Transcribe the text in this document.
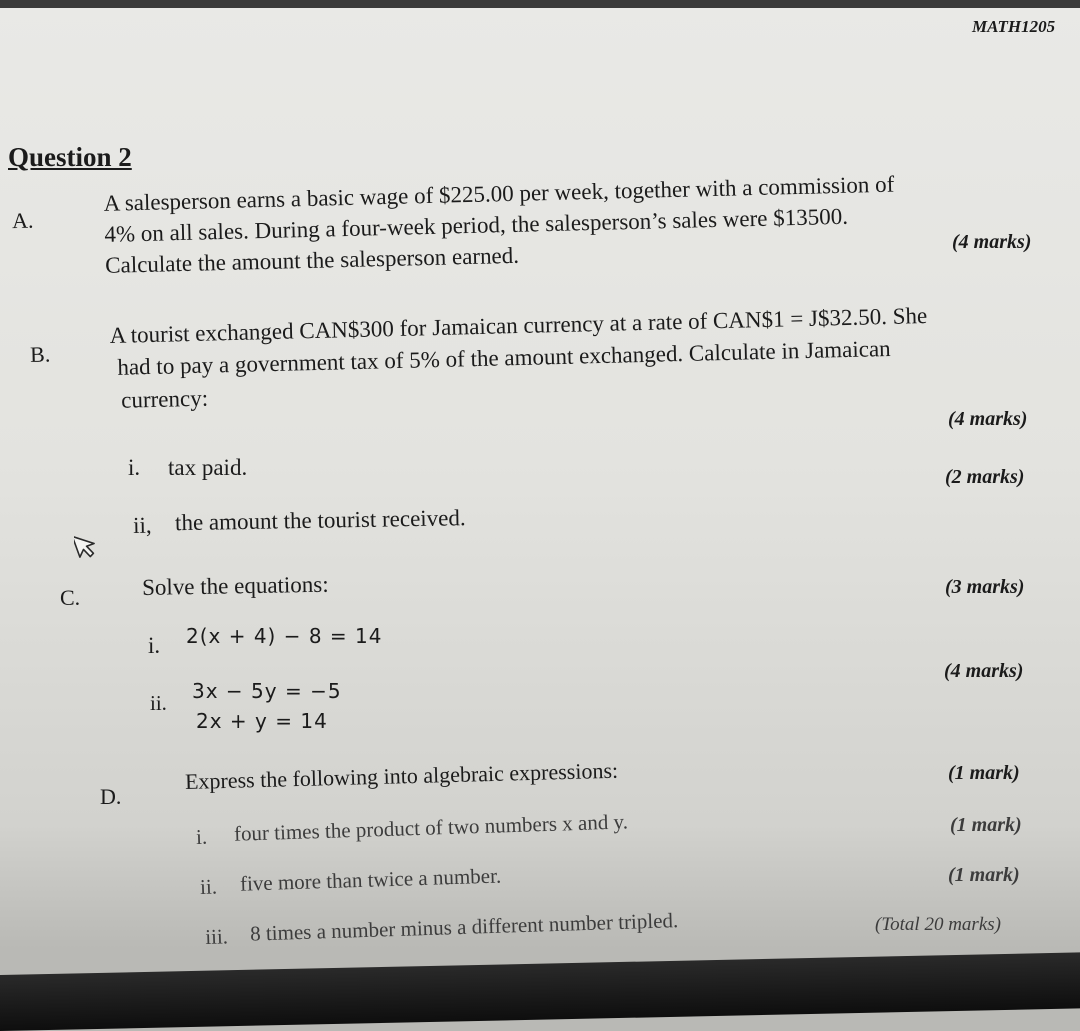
MATH1205
Question 2
A.
A salesperson earns a basic wage of $225.00 per week, together with a commission of
4% on all sales. During a four-week period, the salesperson’s sales were $13500.
Calculate the amount the salesperson earned.
(4 marks)
B.
A tourist exchanged CAN$300 for Jamaican currency at a rate of CAN$1 = J$32.50. She
had to pay a government tax of 5% of the amount exchanged. Calculate in Jamaican
currency:
(4 marks)
i. tax paid.	(2 marks)
ii, the amount the tourist received.
C.	Solve the equations:	(3 marks)
i. 2(x + 4) − 8 = 14
(4 marks)
ii. 3x − 5y = −5
2x + y = 14
D.
Express the following into algebraic expressions:	(1 mark)
i. four times the product of two numbers x and y.	(1 mark)
ii. five more than twice a number.	(1 mark)
iii. 8 times a number minus a different number tripled.	(Total 20 marks)
